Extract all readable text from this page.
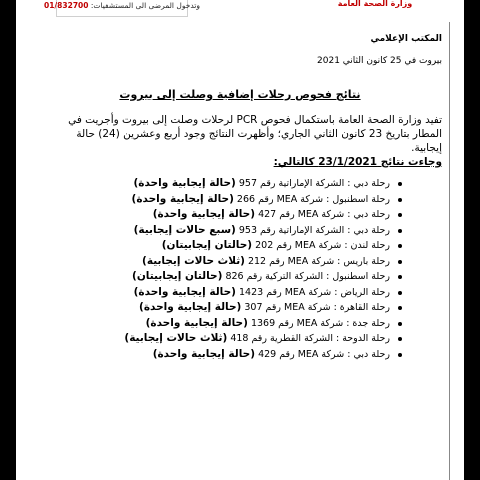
وتدخول المرضى الى المستشفيات:

01/832700	وزارة الصحة العامة
المكتب الإعلامي
بيروت في 25 كانون الثاني 2021
نتائج فحوص رحلات إضافية وصلت إلى بيروت
تفيد وزارة الصحة العامة باستكمال فحوص PCR لرحلات وصلت إلى بيروت وأجريت في
المطار بتاريخ 23 كانون الثاني الجاري؛ وأظهرت النتائج وجود أربع وعشرين (24) حالة
إيجابية.
وجاءت نتائج 23/1/2021 كالتالي:
رحلة دبي : الشركة الإماراتية رقم 957 (حالة إيجابية واحدة)
رحلة اسطنبول : شركة MEA رقم 266 (حالة إيجابية واحدة)
رحلة دبي : شركة MEA رقم 427 (حالة إيجابية واحدة)
رحلة دبي : الشركة الإماراتية رقم 953 (سبع حالات إيجابية)
رحلة لندن : شركة MEA رقم 202 (حالتان إيجابيتان)
رحلة باريس : شركة MEA رقم 212 (ثلاث حالات إيجابية)
رحلة اسطنبول : الشركة التركية رقم 826 (حالتان إيجابيتان)
رحلة الرياض : شركة MEA رقم 1423 (حالة إيجابية واحدة)
رحلة القاهرة : شركة MEA رقم 307 (حالة إيجابية واحدة)
رحلة جدة : شركة MEA رقم 1369 (حالة إيجابية واحدة)
رحلة الدوحة : الشركة القطرية رقم 418 (ثلاث حالات إيجابية)
رحلة دبي : شركة MEA رقم 429 (حالة إيجابية واحدة)
